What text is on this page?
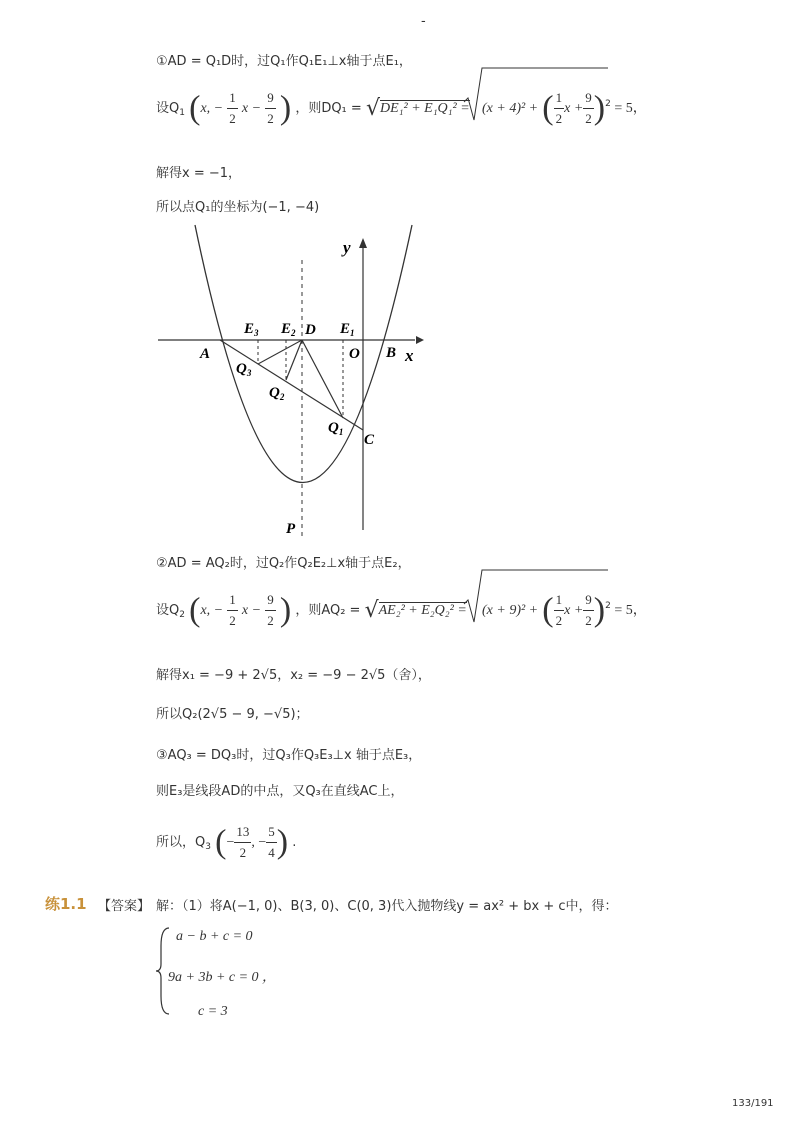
-
①AD = Q₁D时，过Q₁作Q₁E₁⊥x轴于点E₁，
设$Q_1$ (x, − $\frac{1}{2}$ $x - \frac{9}{2}$ ) ，则DQ₁ = √DE₁² + E₁Q₁² = (x + 4)² + ( $\frac{1}{2}$ $x + \frac{9}{2} )^2 = 5$，
解得x = −1，
所以点Q₁的坐标为(−1, −4)
y
x
A	B
O
C
D
P
$E_1$
$E_2$
$E_3$
$Q_1$
$Q_2$
$Q_3$
②AD = AQ₂时，过Q₂作Q₂E₂⊥x轴于点E₂，
设$Q_2$ (x, − $\frac{1}{2}$ $x - \frac{9}{2}$ ) ，则AQ₂ = √AE₂² + E₂Q₂² = (x + 9)² + ( $\frac{1}{2}$ $x + \frac{9}{2} )^2 = 5$，
解得x₁ = −9 + 2√5，x₂ = −9 − 2√5（舍），
所以Q₂(2√5 − 9, −√5)；
③AQ₃ = DQ₃时，过Q₃作Q₃E₃⊥x 轴于点E₃，
则E₃是线段AD的中点，又Q₃在直线AC上，
所以，$Q_3$ (− $\frac{13}{2}$ , − $\frac{5}{4}$ ) .
练1.1 【答案】 解：（1）将A(−1, 0)、B(3, 0)、C(0, 3)代入抛物线y = ax² + bx + c中，得：
a − b + c = 0
9a + 3b + c = 0 ，
c = 3
133/191
